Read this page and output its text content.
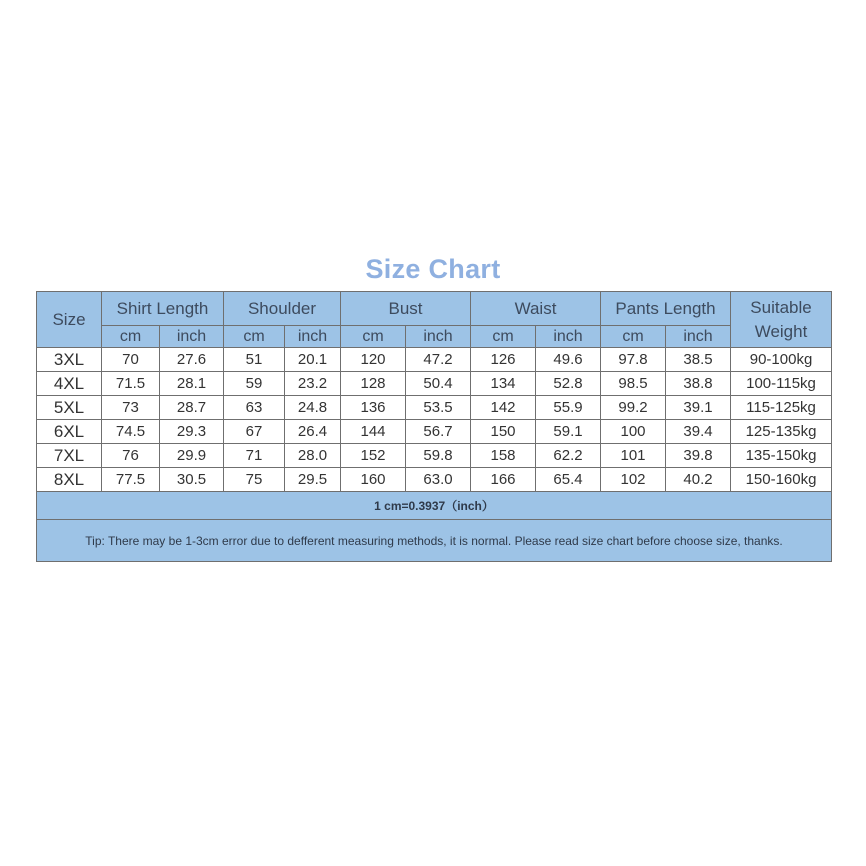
Size Chart
Size	Shirt Length		Shoulder		Bust		Waist		Pants Length		Suitable
Weight
	cm	inch	cm	inch	cm	inch	cm	inch	cm	inch	
3XL	70	27.6	51	20.1	120	47.2	126	49.6	97.8	38.5	90-100kg
4XL	71.5	28.1	59	23.2	128	50.4	134	52.8	98.5	38.8	100-115kg
5XL	73	28.7	63	24.8	136	53.5	142	55.9	99.2	39.1	115-125kg
6XL	74.5	29.3	67	26.4	144	56.7	150	59.1	100	39.4	125-135kg
7XL	76	29.9	71	28.0	152	59.8	158	62.2	101	39.8	135-150kg
8XL	77.5	30.5	75	29.5	160	63.0	166	65.4	102	40.2	150-160kg
1 cm=0.3937（inch）											
Tip: There may be 1-3cm error due to defferent measuring methods, it is normal. Please read size chart before choose size, thanks.											
